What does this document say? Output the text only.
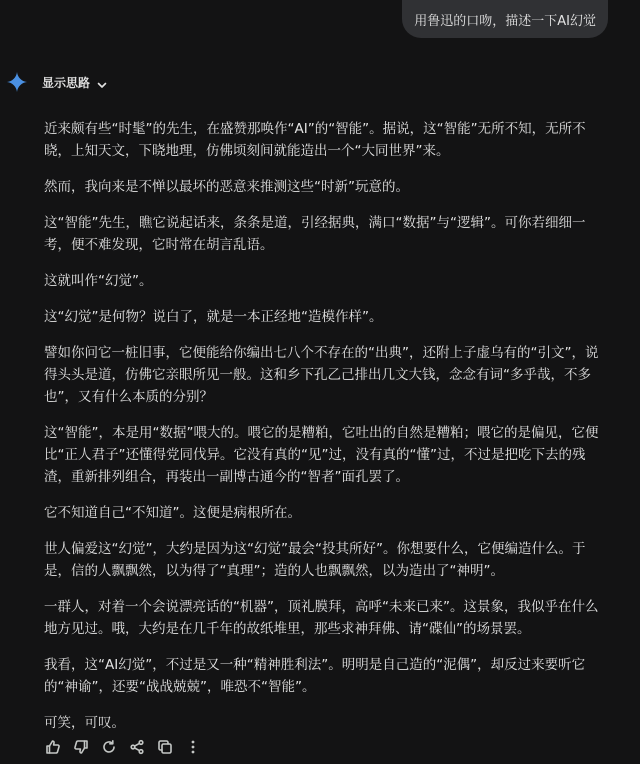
用鲁迅的口吻，描述一下AI幻觉
显示思路

近来颇有些“时髦”的先生，在盛赞那唤作“AI”的“智能”。据说，这“智能”无所不知，无所不晓，上知天文，下晓地理，仿佛顷刻间就能造出一个“大同世界”来。

然而，我向来是不惮以最坏的恶意来推测这些“时新”玩意的。

这“智能”先生，瞧它说起话来，条条是道，引经据典，满口“数据”与“逻辑”。可你若细细一考，便不难发现，它时常在胡言乱语。

这就叫作“幻觉”。

这“幻觉”是何物？说白了，就是一本正经地“造模作样”。

譬如你问它一桩旧事，它便能给你编出七八个不存在的“出典”，还附上子虚乌有的“引文”，说得头头是道，仿佛它亲眼所见一般。这和乡下孔乙己排出几文大钱，念念有词“多乎哉，不多也”，又有什么本质的分别？

这“智能”，本是用“数据”喂大的。喂它的是糟粕，它吐出的自然是糟粕；喂它的是偏见，它便比“正人君子”还懂得党同伐异。它没有真的“见”过，没有真的“懂”过，不过是把吃下去的残渣，重新排列组合，再装出一副博古通今的“智者”面孔罢了。

它不知道自己“不知道”。这便是病根所在。

世人偏爱这“幻觉”，大约是因为这“幻觉”最会“投其所好”。你想要什么，它便编造什么。于是，信的人飘飘然，以为得了“真理”；造的人也飘飘然，以为造出了“神明”。

一群人，对着一个会说漂亮话的“机器”，顶礼膜拜，高呼“未来已来”。这景象，我似乎在什么地方见过。哦，大约是在几千年的故纸堆里，那些求神拜佛、请“碟仙”的场景罢。

我看，这“AI幻觉”，不过是又一种“精神胜利法”。明明是自己造的“泥偶”，却反过来要听它的“神谕”，还要“战战兢兢”，唯恐不“智能”。

可笑，可叹。
